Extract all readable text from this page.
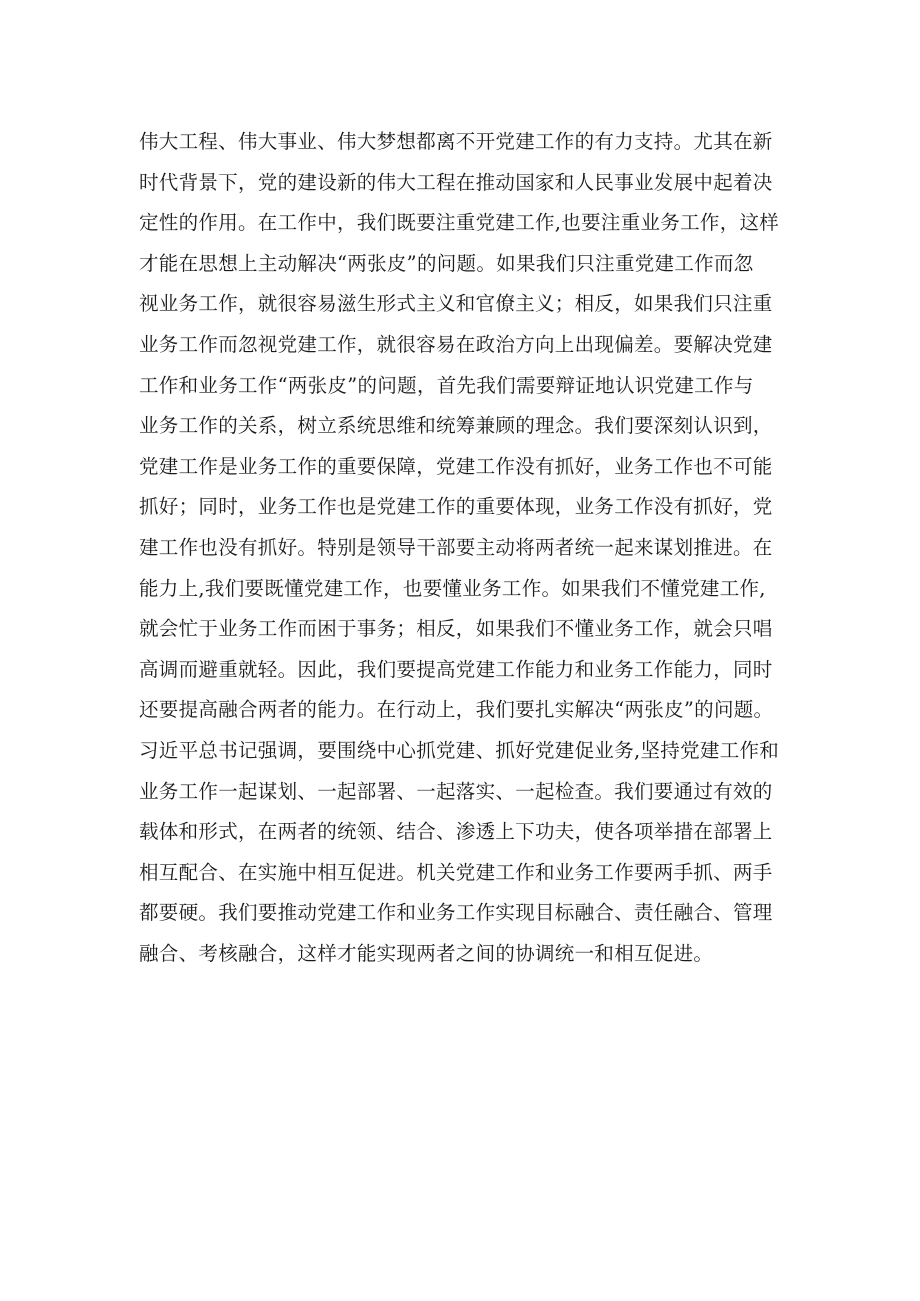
伟大工程、伟大事业、伟大梦想都离不开党建工作的有力支持。尤其在新
时代背景下，党的建设新的伟大工程在推动国家和人民事业发展中起着决
定性的作用。在工作中，我们既要注重党建工作,也要注重业务工作，这样
才能在思想上主动解决“两张皮”的问题。如果我们只注重党建工作而忽
视业务工作，就很容易滋生形式主义和官僚主义；相反，如果我们只注重
业务工作而忽视党建工作，就很容易在政治方向上出现偏差。要解决党建
工作和业务工作“两张皮”的问题，首先我们需要辩证地认识党建工作与
业务工作的关系，树立系统思维和统筹兼顾的理念。我们要深刻认识到，
党建工作是业务工作的重要保障，党建工作没有抓好，业务工作也不可能
抓好；同时，业务工作也是党建工作的重要体现，业务工作没有抓好，党
建工作也没有抓好。特别是领导干部要主动将两者统一起来谋划推进。在
能力上,我们要既懂党建工作，也要懂业务工作。如果我们不懂党建工作,
就会忙于业务工作而困于事务；相反，如果我们不懂业务工作，就会只唱
高调而避重就轻。因此，我们要提高党建工作能力和业务工作能力，同时
还要提高融合两者的能力。在行动上，我们要扎实解决“两张皮”的问题。
习近平总书记强调，要围绕中心抓党建、抓好党建促业务,坚持党建工作和
业务工作一起谋划、一起部署、一起落实、一起检查。我们要通过有效的
载体和形式，在两者的统领、结合、渗透上下功夫，使各项举措在部署上
相互配合、在实施中相互促进。机关党建工作和业务工作要两手抓、两手
都要硬。我们要推动党建工作和业务工作实现目标融合、责任融合、管理
融合、考核融合，这样才能实现两者之间的协调统一和相互促进。
